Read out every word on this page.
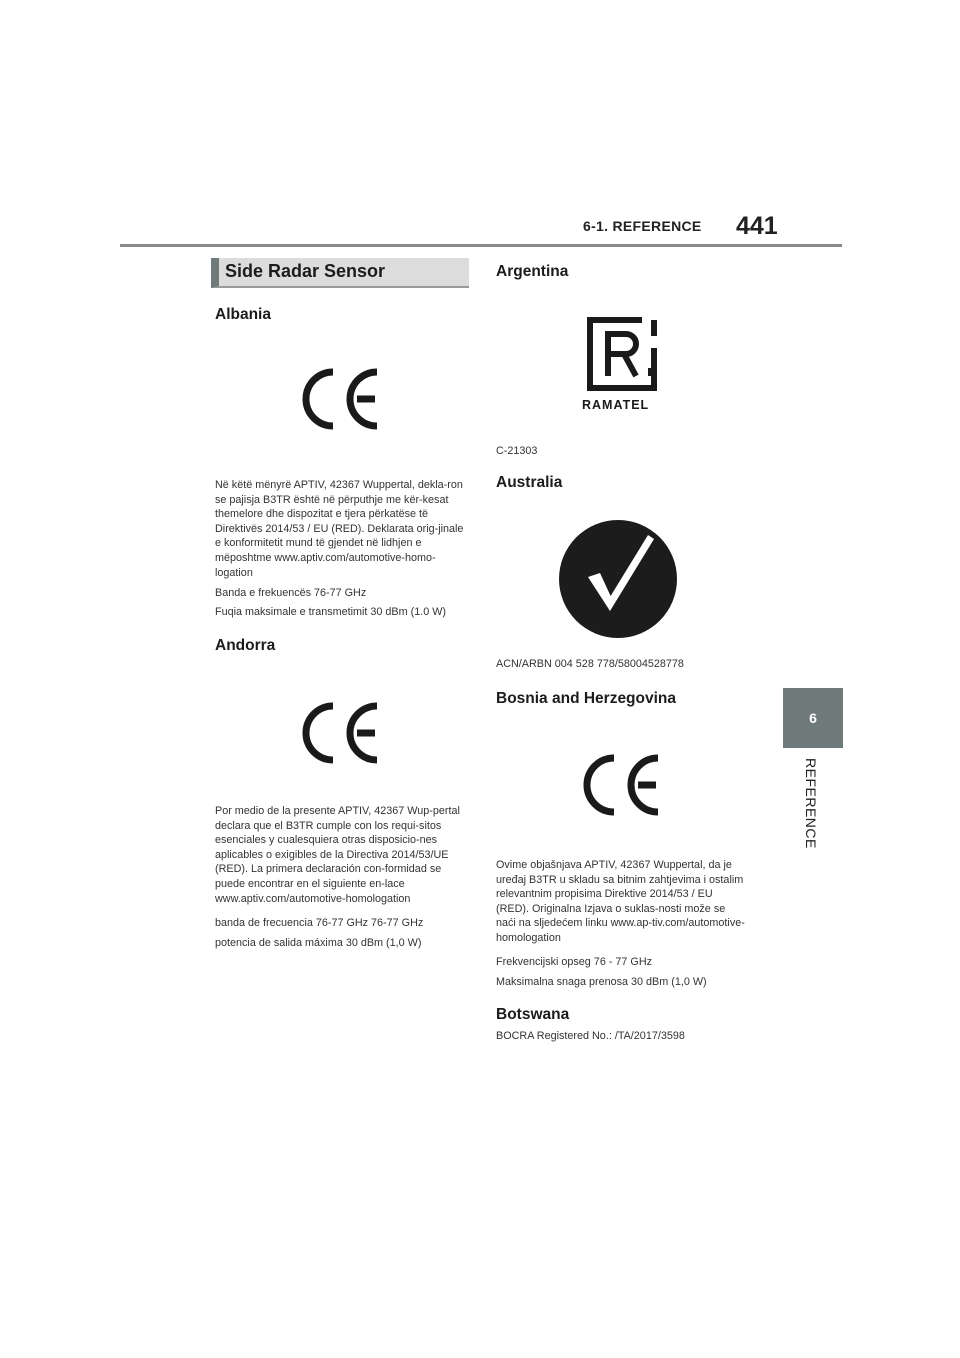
6-1. REFERENCE 441
6
REFERENCE
Side Radar Sensor
Albania

Në këtë mënyrë APTIV, 42367 Wuppertal, dekla-ron se pajisja B3TR është në përputhje me kër-kesat themelore dhe dispozitat e tjera përkatëse të Direktivës 2014/53 / EU (RED). Deklarata orig-jinale e konformitetit mund të gjendet në lidhjen e mëposhtme www.aptiv.com/automotive-homo-logation

Banda e frekuencës 76-77 GHz

Fuqia maksimale e transmetimit 30 dBm (1.0 W)

Andorra

Por medio de la presente APTIV, 42367 Wup-pertal declara que el B3TR cumple con los requi-sitos esenciales y cualesquiera otras disposicio-nes aplicables o exigibles de la Directiva 2014/53/UE (RED). La primera declaración con-formidad se puede encontrar en el siguiente en-lace www.aptiv.com/automotive-homologation

banda de frecuencia 76-77 GHz 76-77 GHz

potencia de salida máxima 30 dBm (1,0 W)

Argentina
RAMATEL

C-21303

Australia

ACN/ARBN 004 528 778/58004528778

Bosnia and Herzegovina

Ovime objašnjava APTIV, 42367 Wuppertal, da je uređaj B3TR u skladu sa bitnim zahtjevima i ostalim relevantnim propisima Direktive 2014/53 / EU (RED). Originalna Izjava o suklas-nosti može se naći na sljedećem linku www.ap-tiv.com/automotive-homologation

Frekvencijski opseg 76 - 77 GHz

Maksimalna snaga prenosa 30 dBm (1,0 W)

Botswana

BOCRA Registered No.: /TA/2017/3598
